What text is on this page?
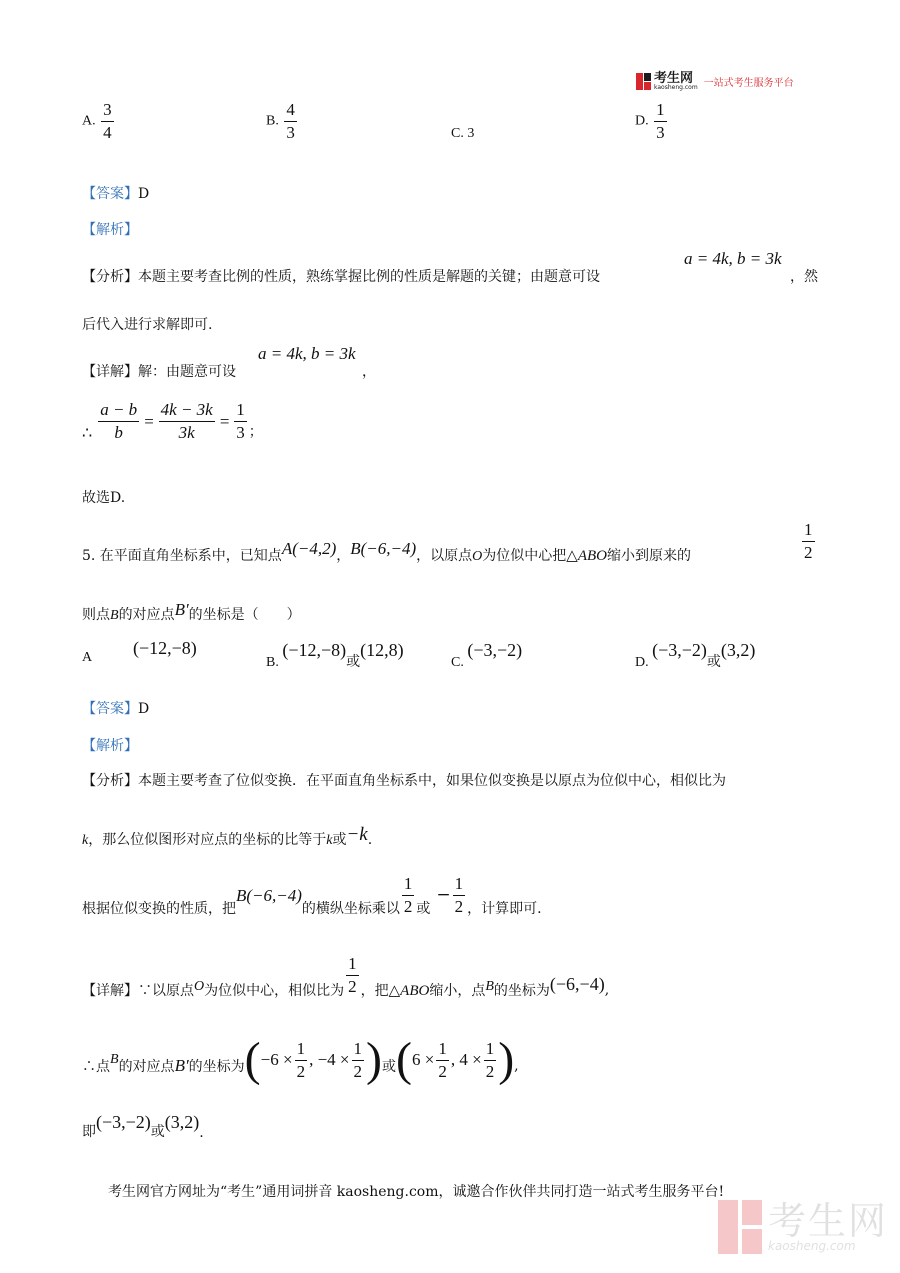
考生网
kaosheng.com 一站式考生服务平台
A. $\frac{3}{4}$	B. $\frac{4}{3}$	C. 3
D. $\frac{1}{3}$
【答案】D
【解析】
【分析】本题主要考查比例的性质，熟练掌握比例的性质是解题的关键；由题意可设
a = 4k, b = 3k
，然
后代入进行求解即可.
【详解】解：由题意可设
a = 4k, b = 3k
，
∴ $\frac{a - b}{b} = \frac{4k - 3k}{3k} = \frac{1}{3}$ ；
故选D.
5. 在平面直角坐标系中，已知点A(−4,2)，B(−6,−4)，以原点O为位似中心把△ABO缩小到原来的	$\frac{1}{2}$
则点B的对应点B′的坐标是（　　）
A (−12,−8)
B. (−12,−8)或(12,8)
C. (−3,−2)
D. (−3,−2)或(3,2)
【答案】D
【解析】
【分析】本题主要考查了位似变换．在平面直角坐标系中，如果位似变换是以原点为位似中心，相似比为
k，那么位似图形对应点的坐标的比等于k或−k.
根据位似变换的性质，把
B(−6,−4)
的横纵坐标乘以 $\frac{1}{2}$ 或
− $\frac{1}{2}$ ，计算即可.
【详解】∵以原点 O 为位似中心，相似比为 $\frac{1}{2}$ ，把 △ABO 缩小，点 B 的坐标为 (−6,−4) ,
∴点 B 的对应点 B′ 的坐标为 ( $-6 \times \frac{1}{2}$ , $-4 \times \frac{1}{2}$ ) 或 ( $6 \times \frac{1}{2}$ , $4 \times \frac{1}{2}$ ) ,
即 (−3,−2) 或 (3,2)
.
考生网官方网址为“考生”通用词拼音 kaosheng.com，诚邀合作伙伴共同打造一站式考生服务平台!
考生网
kaosheng.com
